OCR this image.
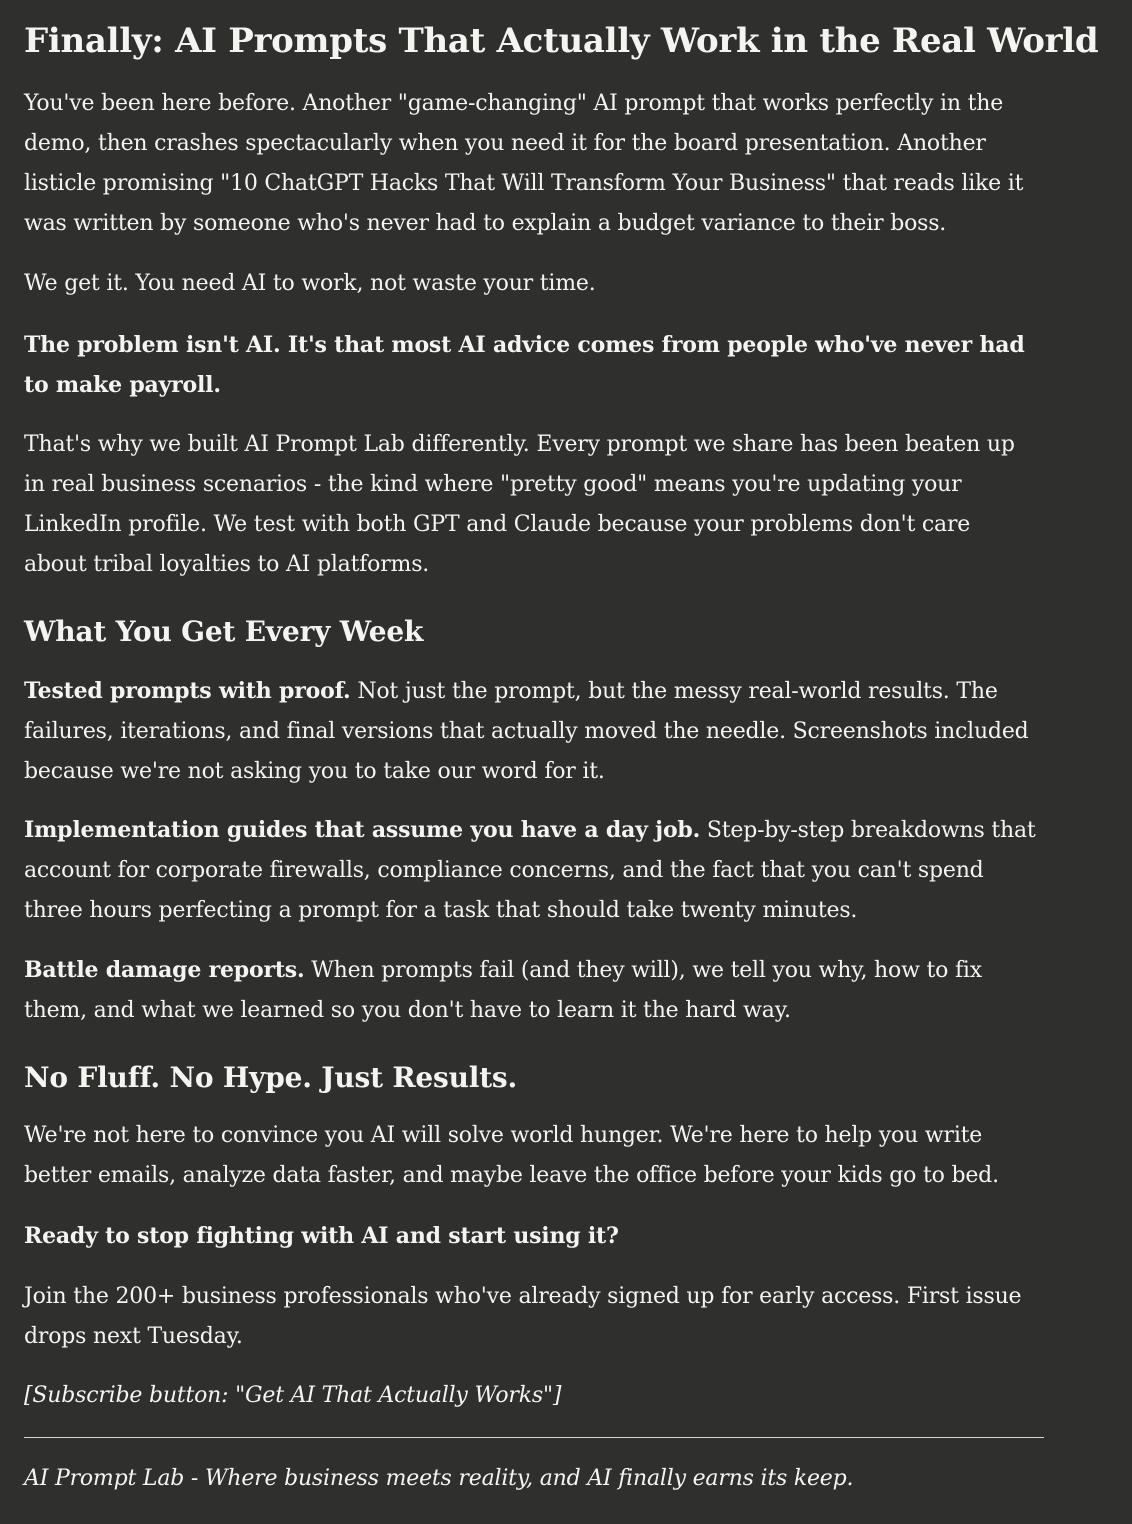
Finally: AI Prompts That Actually Work in the Real World

You've been here before. Another "game-changing" AI prompt that works perfectly in the demo, then crashes spectacularly when you need it for the board presentation. Another listicle promising "10 ChatGPT Hacks That Will Transform Your Business" that reads like it was written by someone who's never had to explain a budget variance to their boss.

We get it. You need AI to work, not waste your time.

The problem isn't AI. It's that most AI advice comes from people who've never had to make payroll.

That's why we built AI Prompt Lab differently. Every prompt we share has been beaten up in real business scenarios - the kind where "pretty good" means you're updating your LinkedIn profile. We test with both GPT and Claude because your problems don't care about tribal loyalties to AI platforms.

What You Get Every Week

Tested prompts with proof. Not just the prompt, but the messy real-world results. The failures, iterations, and final versions that actually moved the needle. Screenshots included because we're not asking you to take our word for it.

Implementation guides that assume you have a day job. Step-by-step breakdowns that account for corporate firewalls, compliance concerns, and the fact that you can't spend three hours perfecting a prompt for a task that should take twenty minutes.

Battle damage reports. When prompts fail (and they will), we tell you why, how to fix them, and what we learned so you don't have to learn it the hard way.

No Fluff. No Hype. Just Results.

We're not here to convince you AI will solve world hunger. We're here to help you write better emails, analyze data faster, and maybe leave the office before your kids go to bed.

Ready to stop fighting with AI and start using it?

Join the 200+ business professionals who've already signed up for early access. First issue drops next Tuesday.

[Subscribe button: "Get AI That Actually Works"]

AI Prompt Lab - Where business meets reality, and AI finally earns its keep.
